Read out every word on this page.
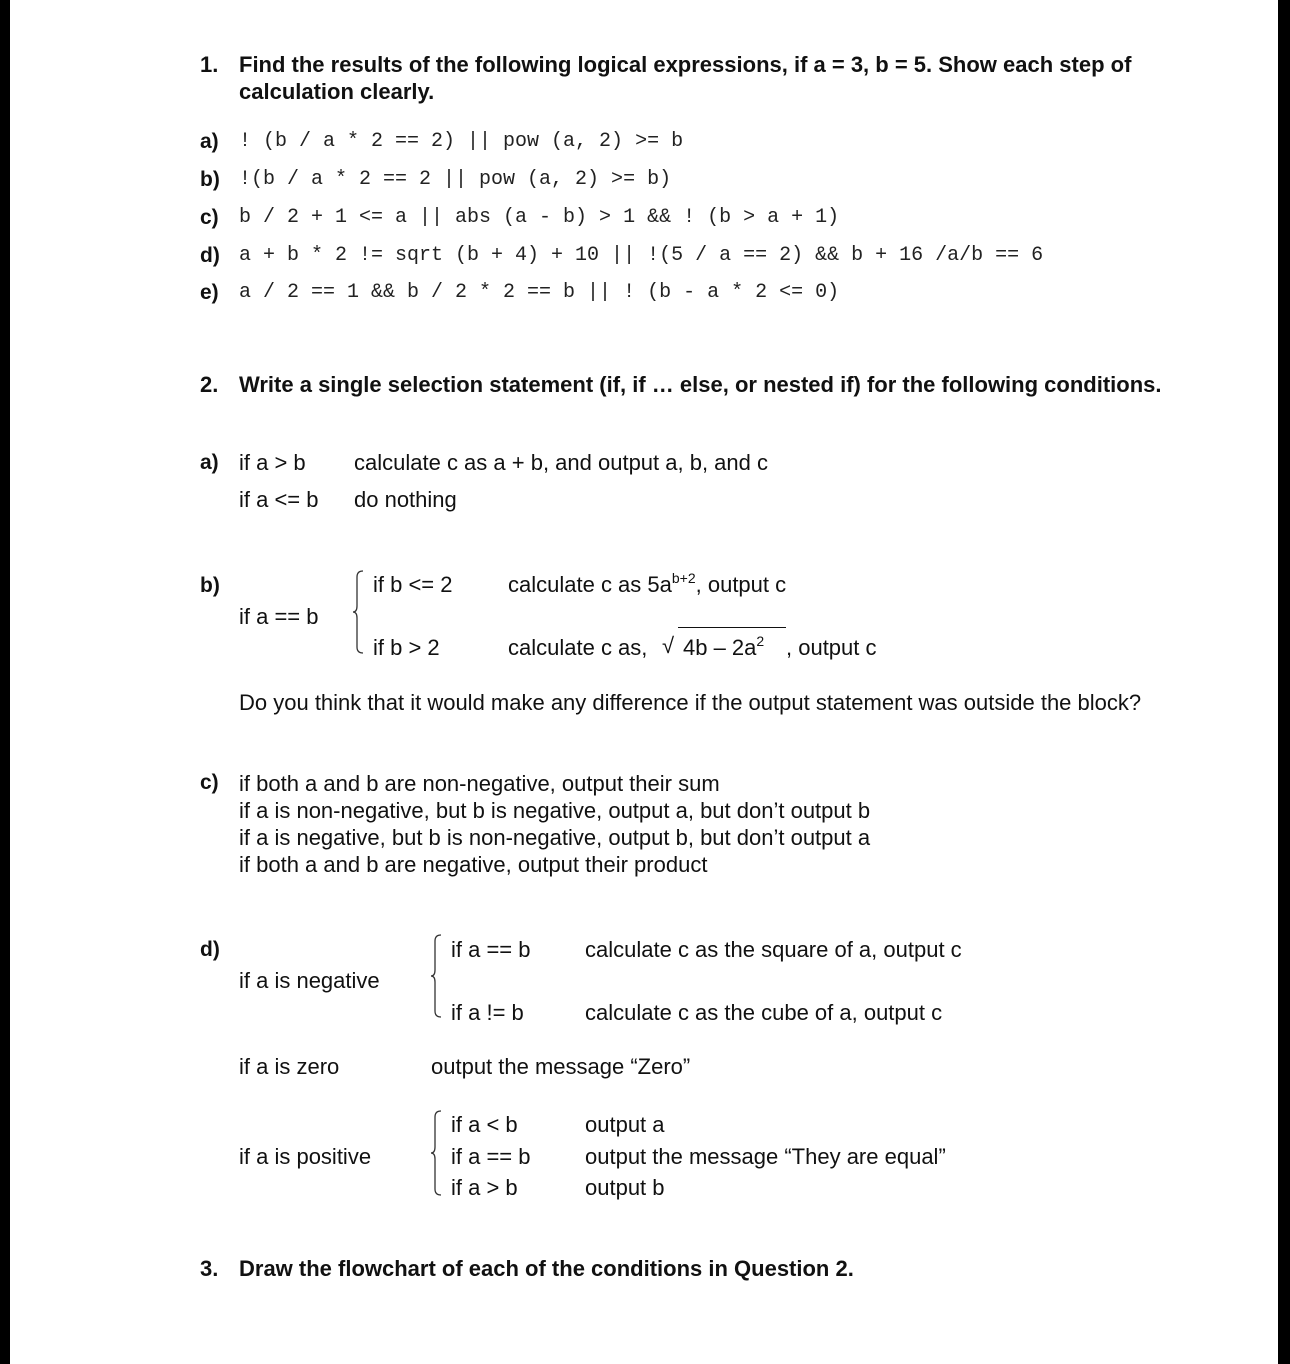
1. Find the results of the following logical expressions, if a = 3, b = 5. Show each step of calculation clearly.
a) ! (b / a * 2 == 2) || pow (a, 2) >= b
b) !(b / a * 2 == 2 || pow (a, 2) >= b)
c) b / 2 + 1 <= a || abs (a - b) > 1 && ! (b > a + 1)
d) a + b * 2 != sqrt (b + 4) + 10 || !(5 / a == 2) && b + 16 /a/b == 6
e) a / 2 == 1 && b / 2 * 2 == b || ! (b - a * 2 <= 0)
2. Write a single selection statement (if, if … else, or nested if) for the following conditions.
a) if a > b calculate c as a + b, and output a, b, and c
if a <= b do nothing
b)
if a == b
if b <= 2	calculate c as $5a^{b+2}$, output c
if b > 2	calculate c as, √ $4b - 2a^2$ , output c
Do you think that it would make any difference if the output statement was outside the block?
c) if both a and b are non-negative, output their sum
if a is non-negative, but b is negative, output a, but don’t output b
if a is negative, but b is non-negative, output b, but don’t output a
if both a and b are negative, output their product
d)
if a is negative
if a == b calculate c as the square of a, output c
if a != b	calculate c as the cube of a, output c
if a is zero	output the message “Zero”
if a is positive
if a < b	output a
if a == b output the message “They are equal”
if a > b	output b
3. Draw the flowchart of each of the conditions in Question 2.
